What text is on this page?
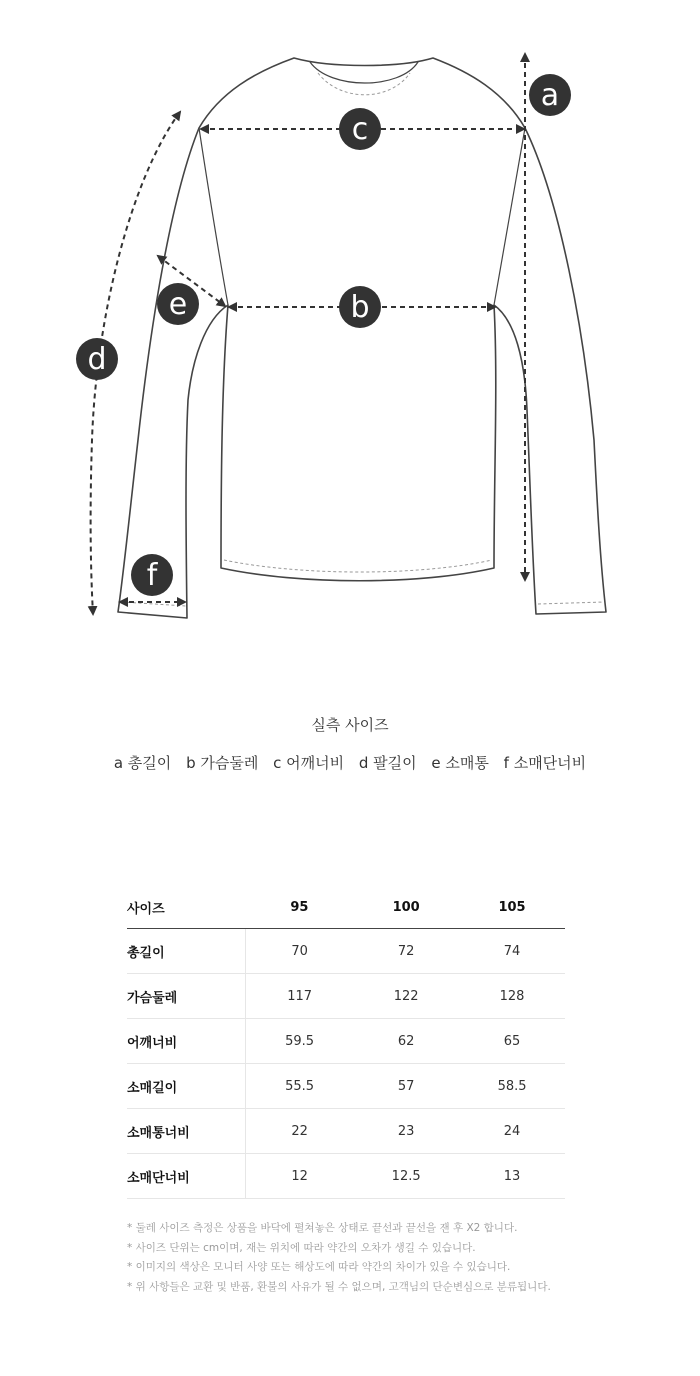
a
c
b
e
d
f
실측 사이즈
a 총길이 b 가슴둘레 c 어깨너비 d 팔길이 e 소매통 f 소매단너비
사이즈	95	100	105
총길이	70	72	74
가슴둘레	117	122	128
어깨너비	59.5	62	65
소매길이	55.5	57	58.5
소매통너비	22	23	24
소매단너비	12	12.5	13
* 둘레 사이즈 측정은 상품을 바닥에 펼쳐놓은 상태로 끝선과 끝선을 잰 후 X2 합니다.
* 사이즈 단위는 cm이며, 재는 위치에 따라 약간의 오차가 생길 수 있습니다.
* 이미지의 색상은 모니터 사양 또는 해상도에 따라 약간의 차이가 있을 수 있습니다.
* 위 사항들은 교환 및 반품, 환불의 사유가 될 수 없으며, 고객님의 단순변심으로 분류됩니다.
